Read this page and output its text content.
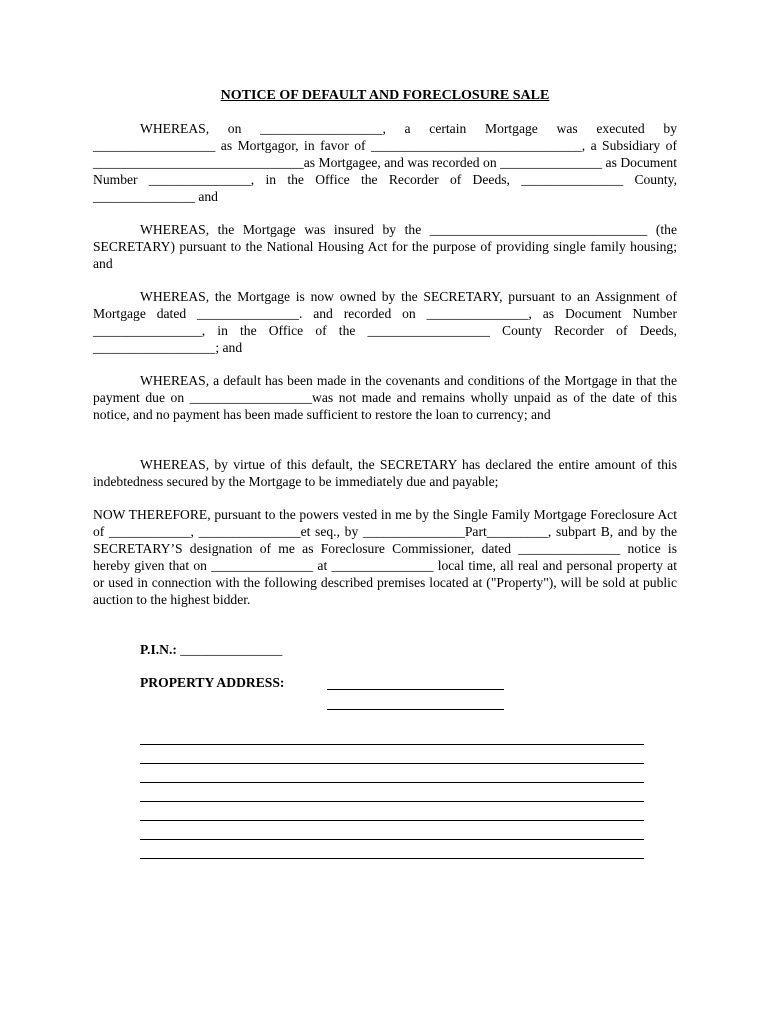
NOTICE OF DEFAULT AND FORECLOSURE SALE
WHEREAS, on __________________, a certain Mortgage was executed by __________________ as Mortgagor, in favor of _______________________________, a Subsidiary of _______________________________as Mortgagee, and was recorded on _______________ as Document Number _______________, in the Office the Recorder of Deeds, _______________ County, _______________ and
WHEREAS, the Mortgage was insured by the ________________________________ (the SECRETARY) pursuant to the National Housing Act for the purpose of providing single family housing; and
WHEREAS, the Mortgage is now owned by the SECRETARY, pursuant to an Assignment of Mortgage dated _______________. and recorded on _______________, as Document Number ________________, in the Office of the __________________ County Recorder of Deeds, __________________; and
WHEREAS, a default has been made in the covenants and conditions of the Mortgage in that the payment due on __________________was not made and remains wholly unpaid as of the date of this notice, and no payment has been made sufficient to restore the loan to currency; and
WHEREAS, by virtue of this default, the SECRETARY has declared the entire amount of this indebtedness secured by the Mortgage to be immediately due and payable;
NOW THEREFORE, pursuant to the powers vested in me by the Single Family Mortgage Foreclosure Act of ____________, _______________et seq., by _______________Part_________, subpart B, and by the SECRETARY’S designation of me as Foreclosure Commissioner, dated _______________ notice is hereby given that on _______________ at _______________ local time, all real and personal property at or used in connection with the following described premises located at ("Property"), will be sold at public auction to the highest bidder.
P.I.N.: _______________
PROPERTY ADDRESS:
